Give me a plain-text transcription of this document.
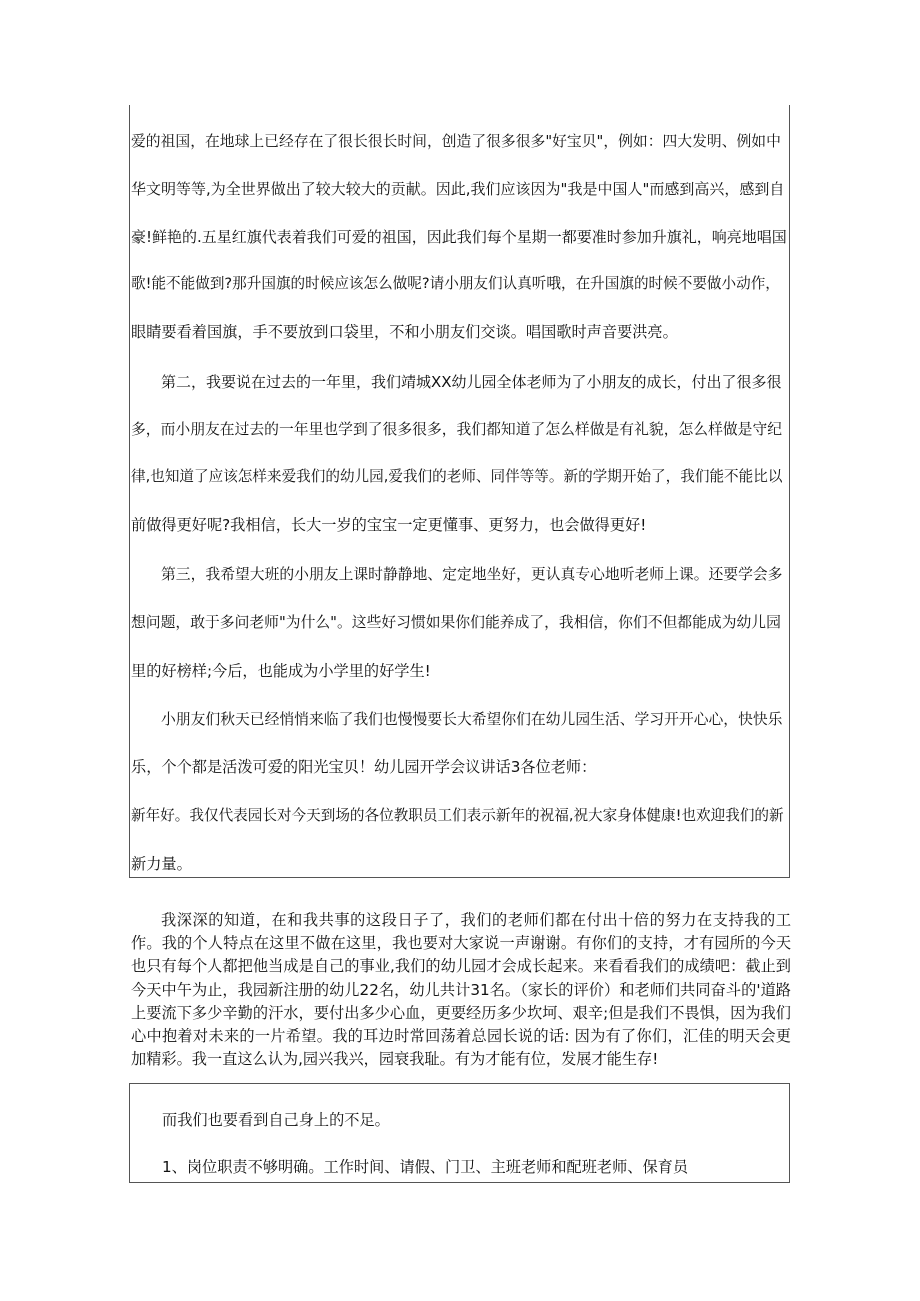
爱的祖国，在地球上已经存在了很长很长时间，创造了很多很多"好宝贝"，例如：四大发明、例如中
华文明等等,为全世界做出了较大较大的贡献。因此,我们应该因为"我是中国人"而感到高兴，感到自
豪!鲜艳的.五星红旗代表着我们可爱的祖国，因此我们每个星期一都要准时参加升旗礼，响亮地唱国
歌!能不能做到?那升国旗的时候应该怎么做呢?请小朋友们认真听哦，在升国旗的时候不要做小动作，
眼睛要看着国旗，手不要放到口袋里，不和小朋友们交谈。唱国歌时声音要洪亮。
第二，我要说在过去的一年里，我们靖城XX幼儿园全体老师为了小朋友的成长，付出了很多很
多，而小朋友在过去的一年里也学到了很多很多，我们都知道了怎么样做是有礼貌，怎么样做是守纪
律,也知道了应该怎样来爱我们的幼儿园,爱我们的老师、同伴等等。新的学期开始了，我们能不能比以
前做得更好呢?我相信，长大一岁的宝宝一定更懂事、更努力，也会做得更好!
第三，我希望大班的小朋友上课时静静地、定定地坐好，更认真专心地听老师上课。还要学会多
想问题，敢于多问老师"为什么"。这些好习惯如果你们能养成了，我相信，你们不但都能成为幼儿园
里的好榜样;今后，也能成为小学里的好学生!
小朋友们秋天已经悄悄来临了我们也慢慢要长大希望你们在幼儿园生活、学习开开心心，快快乐
乐，个个都是活泼可爱的阳光宝贝！幼儿园开学会议讲话3各位老师：
新年好。我仅代表园长对今天到场的各位教职员工们表示新年的祝福,祝大家身体健康!也欢迎我们的新
新力量。

我深深的知道，在和我共事的这段日子了，我们的老师们都在付出十倍的努力在支持我的工作。我的个人特点在这里不做在这里，我也要对大家说一声谢谢。有你们的支持，才有园所的今天也只有每个人都把他当成是自己的事业,我们的幼儿园才会成长起来。来看看我们的成绩吧：截止到今天中午为止，我园新注册的幼儿22名，幼儿共计31名。（家长的评价）和老师们共同奋斗的'道路上要流下多少辛勤的汗水，要付出多少心血，更要经历多少坎坷、艰辛;但是我们不畏惧，因为我们心中抱着对未来的一片希望。我的耳边时常回荡着总园长说的话: 因为有了你们，汇佳的明天会更加精彩。我一直这么认为,园兴我兴，园衰我耻。有为才能有位，发展才能生存!

而我们也要看到自己身上的不足。
1、岗位职责不够明确。工作时间、请假、门卫、主班老师和配班老师、保育员
